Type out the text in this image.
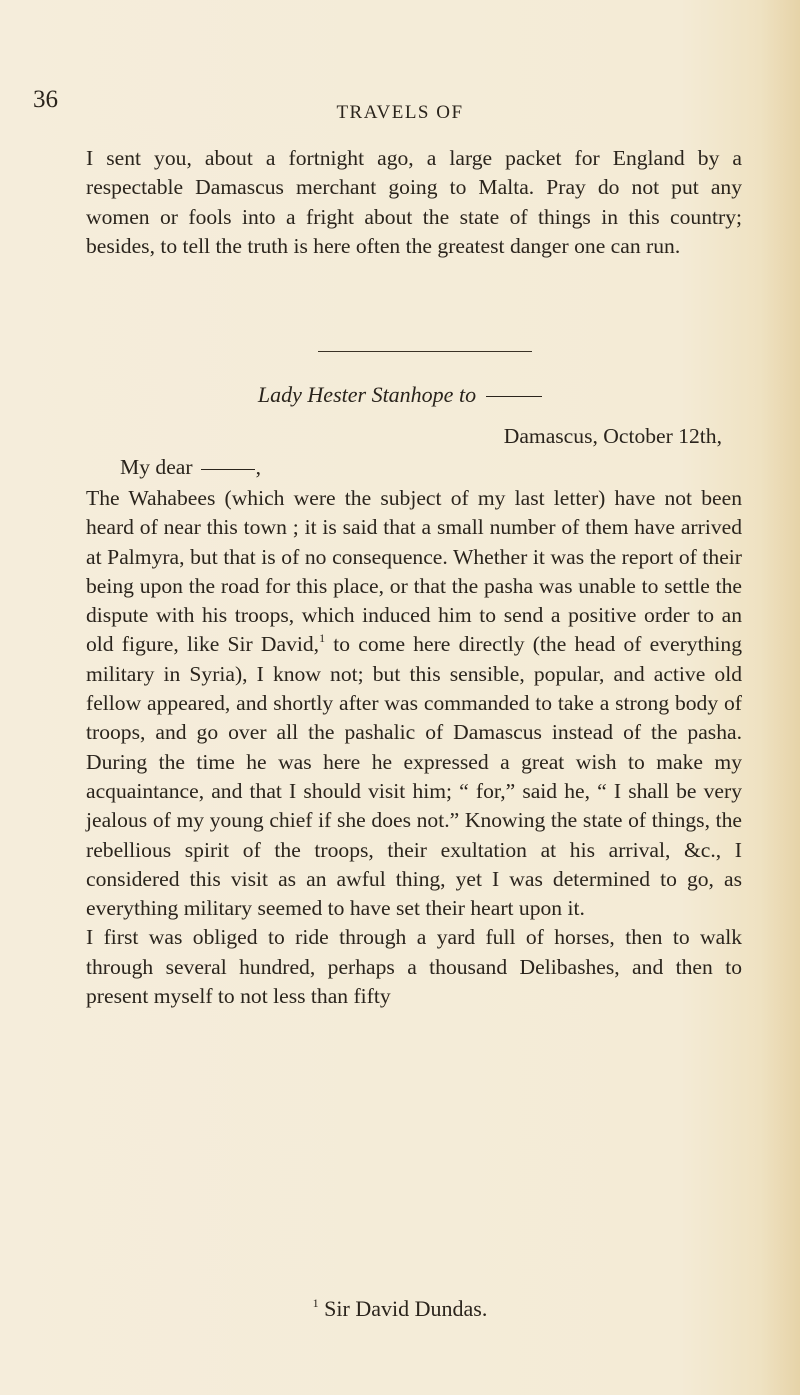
36	TRAVELS OF

I sent you, about a fortnight ago, a large packet for England by a respectable Damascus merchant going to Malta. Pray do not put any women or fools into a fright about the state of things in this country; besides, to tell the truth is here often the greatest danger one can run.

Lady Hester Stanhope to
Damascus, October 12th,
My dear	,

The Wahabees (which were the subject of my last letter) have not been heard of near this town ; it is said that a small number of them have arrived at Palmyra, but that is of no consequence. Whether it was the report of their being upon the road for this place, or that the pasha was unable to settle the dispute with his troops, which induced him to send a positive order to an old figure, like Sir David,$^1$ to come here directly (the head of everything military in Syria), I know not; but this sensible, popular, and active old fellow appeared, and shortly after was commanded to take a strong body of troops, and go over all the pashalic of Damascus instead of the pasha. During the time he was here he expressed a great wish to make my acquaintance, and that I should visit him; “ for,” said he, “ I shall be very jealous of my young chief if she does not.” Knowing the state of things, the rebellious spirit of the troops, their exultation at his arrival, &c., I considered this visit as an awful thing, yet I was determined to go, as everything military seemed to have set their heart upon it.

I first was obliged to ride through a yard full of horses, then to walk through several hundred, perhaps a thousand Delibashes, and then to present myself to not less than fifty

$^1$ Sir David Dundas.
